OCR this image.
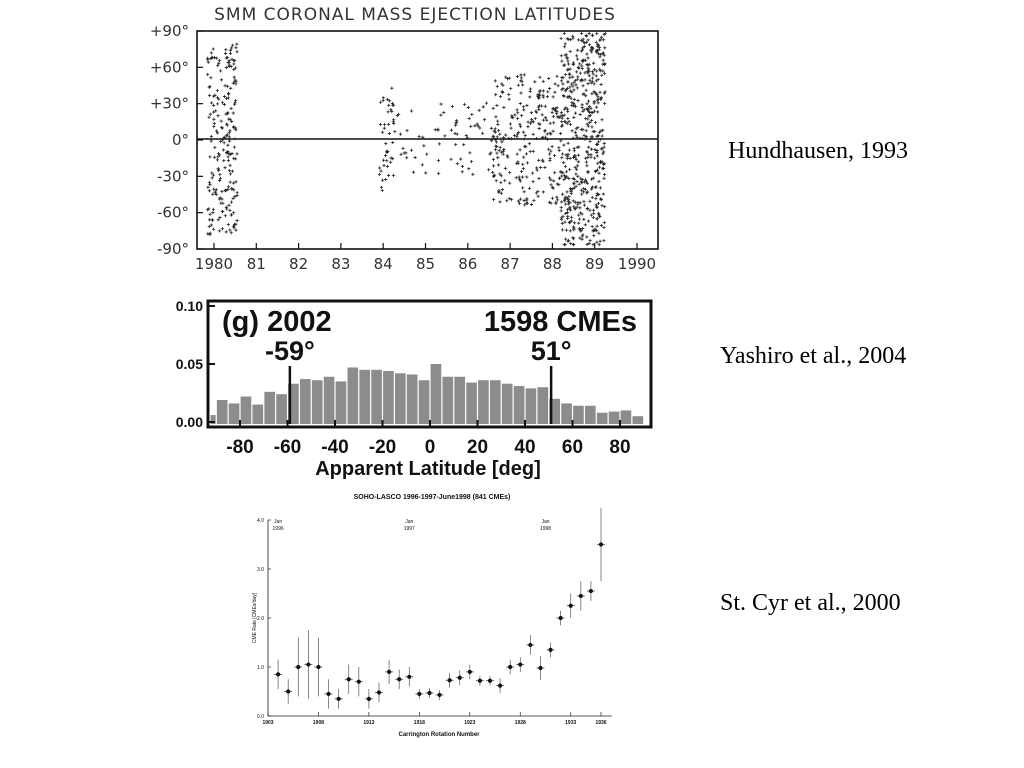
SMM CORONAL MASS EJECTION LATITUDES
+90°
+60°
+30°
0°
-30°
-60°
-90°
1980 81 82 83 84 85 86 87 88 89 1990
-59°	51°
(g) 2002	1598 CMEs
0.10
0.05
0.00
-80 -60 -40 -20 0 20 40 60 80
Apparent Latitude [deg]
SOHO-LASCO 1996-1997-June1998 (841 CMEs)
0.0
1.0
2.0
3.0
4.0
1903	1908	1913	1918	1923	1928	1933	1936
Jan
1996
Jan
1997
Jan
1998
CME Rate [CMEs/day]
Carrington Rotation Number
Hundhausen, 1993
Yashiro et al., 2004
St. Cyr et al., 2000
